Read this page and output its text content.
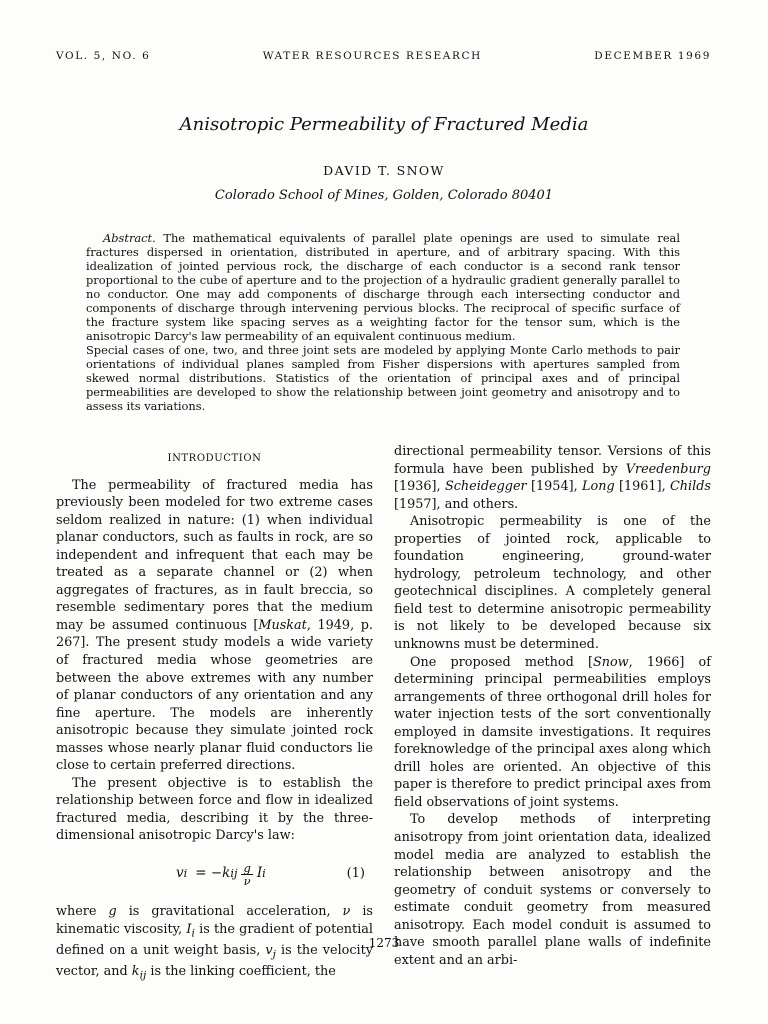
VOL. 5, NO. 6	WATER RESOURCES RESEARCH	DECEMBER 1969
Anisotropic Permeability of Fractured Media
DAVID T. SNOW
Colorado School of Mines, Golden, Colorado 80401

Abstract. The mathematical equivalents of parallel plate openings are used to simulate real fractures dispersed in orientation, distributed in aperture, and of arbitrary spacing. With this idealization of jointed pervious rock, the discharge of each conductor is a second rank tensor proportional to the cube of aperture and to the projection of a hydraulic gradient generally parallel to no conductor. One may add components of discharge through each intersecting conductor and components of discharge through intervening pervious blocks. The reciprocal of specific surface of the fracture system like spacing serves as a weighting factor for the tensor sum, which is the anisotropic Darcy's law permeability of an equivalent continuous medium.

Special cases of one, two, and three joint sets are modeled by applying Monte Carlo methods to pair orientations of individual planes sampled from Fisher dispersions with apertures sampled from skewed normal distributions. Statistics of the orientation of principal axes and of principal permeabilities are developed to show the relationship between joint geometry and anisotropy and to assess its variations.

INTRODUCTION

The permeability of fractured media has previously been modeled for two extreme cases seldom realized in nature: (1) when individual planar conductors, such as faults in rock, are so independent and infrequent that each may be treated as a separate channel or (2) when aggregates of fractures, as in fault breccia, so resemble sedimentary pores that the medium may be assumed continuous [Muskat, 1949, p. 267]. The present study models a wide variety of fractured media whose geometries are between the above extremes with any number of planar conductors of any orientation and any fine aperture. The models are inherently anisotropic because they simulate jointed rock masses whose nearly planar fluid conductors lie close to certain preferred directions.

The present objective is to establish the relationship between force and flow in idealized fractured media, describing it by the three-dimensional anisotropic Darcy's law:

v i = −k ij $\frac{g}{\nu}$ I i	(1)

where g is gravitational acceleration, ν is kinematic viscosity, $I_i$ is the gradient of potential defined on a unit weight basis, $v_j$ is the velocity vector, and $k_{ij}$ is the linking coefficient, the

directional permeability tensor. Versions of this formula have been published by Vreedenburg [1936], Scheidegger [1954], Long [1961], Childs [1957], and others.

Anisotropic permeability is one of the properties of jointed rock, applicable to foundation engineering, ground-water hydrology, petroleum technology, and other geotechnical disciplines. A completely general field test to determine anisotropic permeability is not likely to be developed because six unknowns must be determined.

One proposed method [Snow, 1966] of determining principal permeabilities employs arrangements of three orthogonal drill holes for water injection tests of the sort conventionally employed in damsite investigations. It requires foreknowledge of the principal axes along which drill holes are oriented. An objective of this paper is therefore to predict principal axes from field observations of joint systems.

To develop methods of interpreting anisotropy from joint orientation data, idealized model media are analyzed to establish the relationship between anisotropy and the geometry of conduit systems or conversely to estimate conduit geometry from measured anisotropy. Each model conduit is assumed to have smooth parallel plane walls of indefinite extent and an arbi-

1273
